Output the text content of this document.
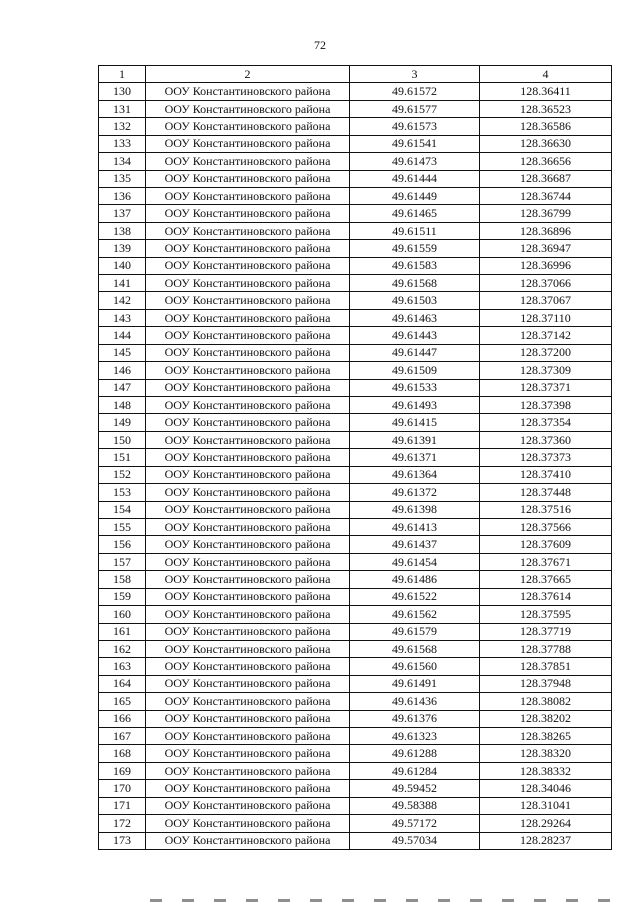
72
1	2	3	4
130	ООУ Константиновского района	49.61572	128.36411
131	ООУ Константиновского района	49.61577	128.36523
132	ООУ Константиновского района	49.61573	128.36586
133	ООУ Константиновского района	49.61541	128.36630
134	ООУ Константиновского района	49.61473	128.36656
135	ООУ Константиновского района	49.61444	128.36687
136	ООУ Константиновского района	49.61449	128.36744
137	ООУ Константиновского района	49.61465	128.36799
138	ООУ Константиновского района	49.61511	128.36896
139	ООУ Константиновского района	49.61559	128.36947
140	ООУ Константиновского района	49.61583	128.36996
141	ООУ Константиновского района	49.61568	128.37066
142	ООУ Константиновского района	49.61503	128.37067
143	ООУ Константиновского района	49.61463	128.37110
144	ООУ Константиновского района	49.61443	128.37142
145	ООУ Константиновского района	49.61447	128.37200
146	ООУ Константиновского района	49.61509	128.37309
147	ООУ Константиновского района	49.61533	128.37371
148	ООУ Константиновского района	49.61493	128.37398
149	ООУ Константиновского района	49.61415	128.37354
150	ООУ Константиновского района	49.61391	128.37360
151	ООУ Константиновского района	49.61371	128.37373
152	ООУ Константиновского района	49.61364	128.37410
153	ООУ Константиновского района	49.61372	128.37448
154	ООУ Константиновского района	49.61398	128.37516
155	ООУ Константиновского района	49.61413	128.37566
156	ООУ Константиновского района	49.61437	128.37609
157	ООУ Константиновского района	49.61454	128.37671
158	ООУ Константиновского района	49.61486	128.37665
159	ООУ Константиновского района	49.61522	128.37614
160	ООУ Константиновского района	49.61562	128.37595
161	ООУ Константиновского района	49.61579	128.37719
162	ООУ Константиновского района	49.61568	128.37788
163	ООУ Константиновского района	49.61560	128.37851
164	ООУ Константиновского района	49.61491	128.37948
165	ООУ Константиновского района	49.61436	128.38082
166	ООУ Константиновского района	49.61376	128.38202
167	ООУ Константиновского района	49.61323	128.38265
168	ООУ Константиновского района	49.61288	128.38320
169	ООУ Константиновского района	49.61284	128.38332
170	ООУ Константиновского района	49.59452	128.34046
171	ООУ Константиновского района	49.58388	128.31041
172	ООУ Константиновского района	49.57172	128.29264
173	ООУ Константиновского района	49.57034	128.28237
